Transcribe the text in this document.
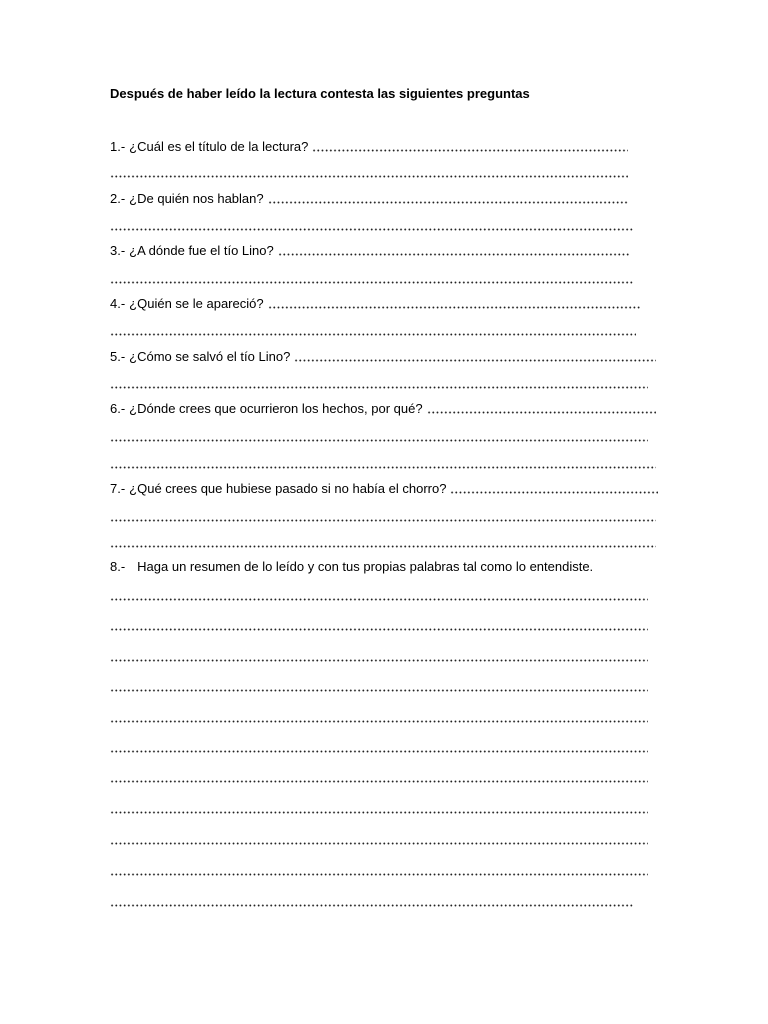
Después de haber leído la lectura contesta las siguientes preguntas
1.- ¿Cuál es el título de la lectura?
2.- ¿De quién nos hablan?
3.- ¿A dónde fue el tío Lino?
4.- ¿Quién se le apareció?
5.- ¿Cómo se salvó el tío Lino?
6.- ¿Dónde crees que ocurrieron los hechos, por qué?
7.- ¿Qué crees que hubiese pasado si no había el chorro?
8.- Haga un resumen de lo leído y con tus propias palabras tal como lo entendiste.
